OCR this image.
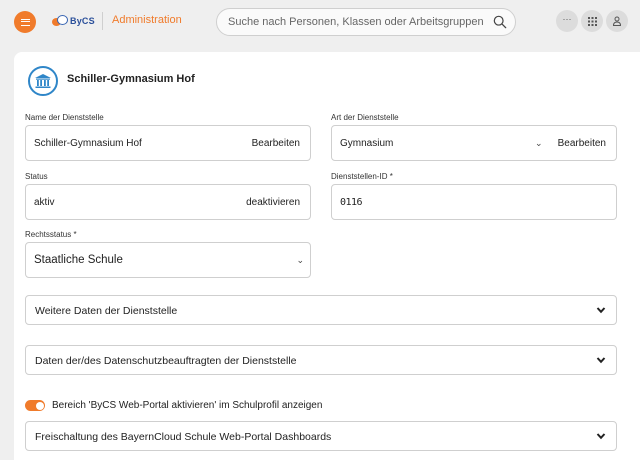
ByCS Administration	Suche nach Personen, Klassen oder Arbeitsgruppen	···
Schiller-Gymnasium Hof
Name der Dienststelle
Schiller-Gymnasium Hof	Bearbeiten
Art der Dienststelle
Gymnasium	⌄ Bearbeiten
Status
aktiv	deaktivieren
Dienststellen-ID *
0116
Rechtsstatus *
Staatliche Schule	⌄
Weitere Daten der Dienststelle
Daten der/des Datenschutzbeauftragten der Dienststelle
Bereich 'ByCS Web-Portal aktivieren' im Schulprofil anzeigen
Freischaltung des BayernCloud Schule Web-Portal Dashboards
